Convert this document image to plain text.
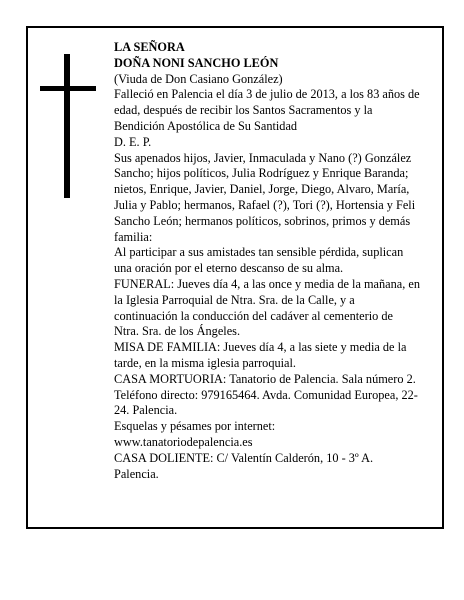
LA SEÑORA

DOÑA NONI SANCHO LEÓN

(Viuda de Don Casiano González)

Falleció en Palencia el día 3 de julio de 2013, a los 83 años de edad, después de recibir los Santos Sacramentos y la Bendición Apostólica de Su Santidad

D. E. P.

Sus apenados hijos, Javier, Inmaculada y Nano (?) González Sancho; hijos políticos, Julia Rodríguez y Enrique Baranda; nietos, Enrique, Javier, Daniel, Jorge, Diego, Alvaro, María, Julia y Pablo; hermanos, Rafael (?), Tori (?), Hortensia y Feli Sancho León; hermanos políticos, sobrinos, primos y demás familia:

Al participar a sus amistades tan sensible pérdida, suplican una oración por el eterno descanso de su alma.

FUNERAL: Jueves día 4, a las once y media de la mañana, en la Iglesia Parroquial de Ntra. Sra. de la Calle, y a continuación la conducción del cadáver al cementerio de Ntra. Sra. de los Ángeles.

MISA DE FAMILIA: Jueves día 4, a las siete y media de la tarde, en la misma iglesia parroquial.

CASA MORTUORIA: Tanatorio de Palencia. Sala número 2. Teléfono directo: 979165464. Avda. Comunidad Europea, 22-24. Palencia.

Esquelas y pésames por internet:

www.tanatoriodepalencia.es

CASA DOLIENTE: C/ Valentín Calderón, 10 - 3º A. Palencia.
